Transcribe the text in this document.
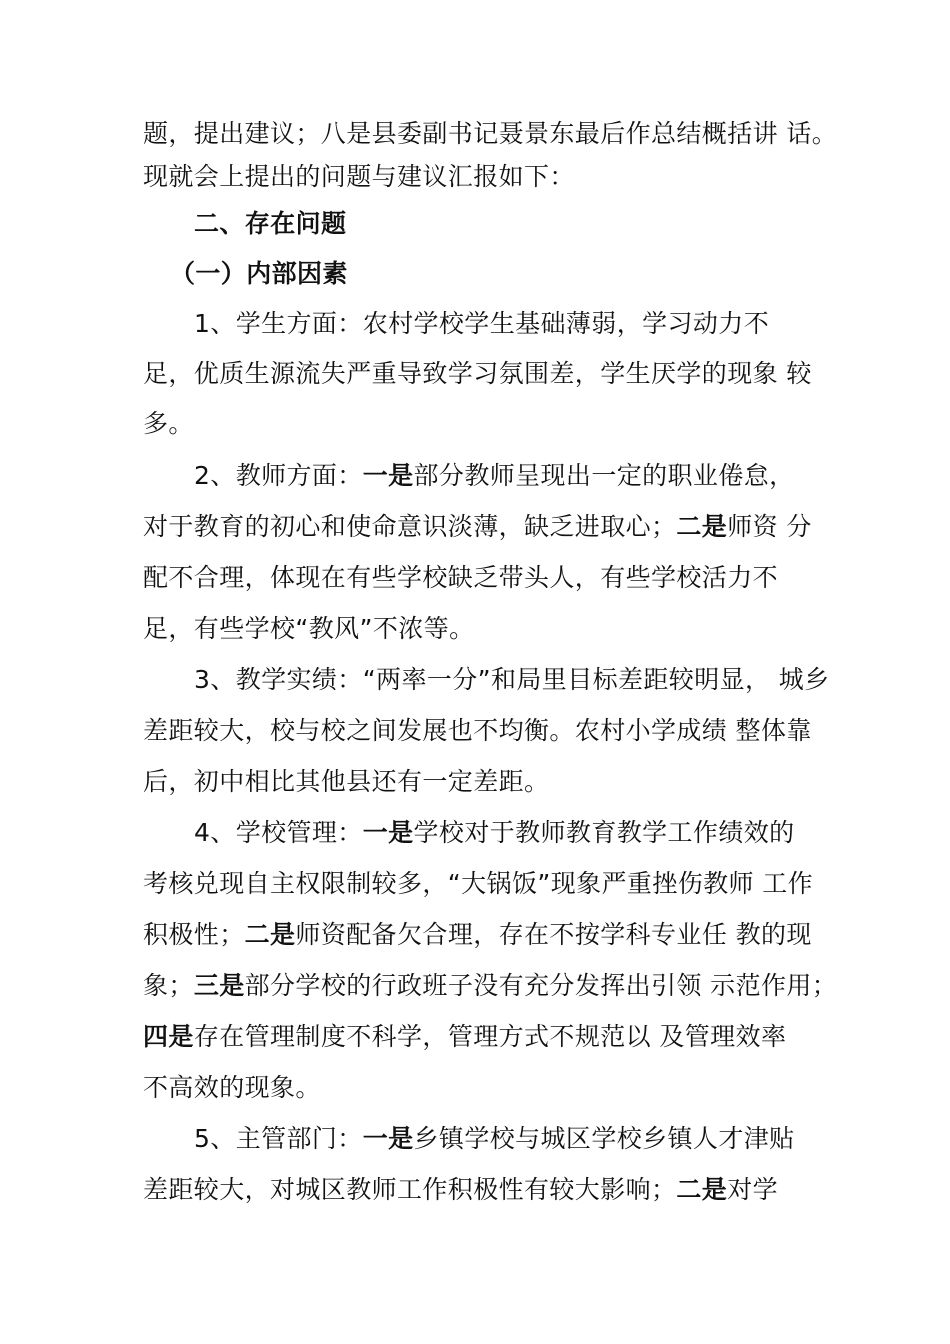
题，提出建议；八是县委副书记聂景东最后作总结概括讲 话。
现就会上提出的问题与建议汇报如下：
二、存在问题
（一）内部因素
1、学生方面：农村学校学生基础薄弱，学习动力不
足，优质生源流失严重导致学习氛围差，学生厌学的现象 较
多。
2、教师方面：一是部分教师呈现出一定的职业倦怠，
对于教育的初心和使命意识淡薄，缺乏进取心；二是师资 分
配不合理，体现在有些学校缺乏带头人，有些学校活力不
足，有些学校“教风”不浓等。
3、教学实绩：“两率一分”和局里目标差距较明显， 城乡
差距较大，校与校之间发展也不均衡。农村小学成绩 整体靠
后，初中相比其他县还有一定差距。
4、学校管理：一是学校对于教师教育教学工作绩效的
考核兑现自主权限制较多，“大锅饭”现象严重挫伤教师 工作
积极性；二是师资配备欠合理，存在不按学科专业任 教的现
象；三是部分学校的行政班子没有充分发挥出引领 示范作用；
四是存在管理制度不科学，管理方式不规范以 及管理效率
不高效的现象。
5、主管部门：一是乡镇学校与城区学校乡镇人才津贴
差距较大，对城区教师工作积极性有较大影响；二是对学
